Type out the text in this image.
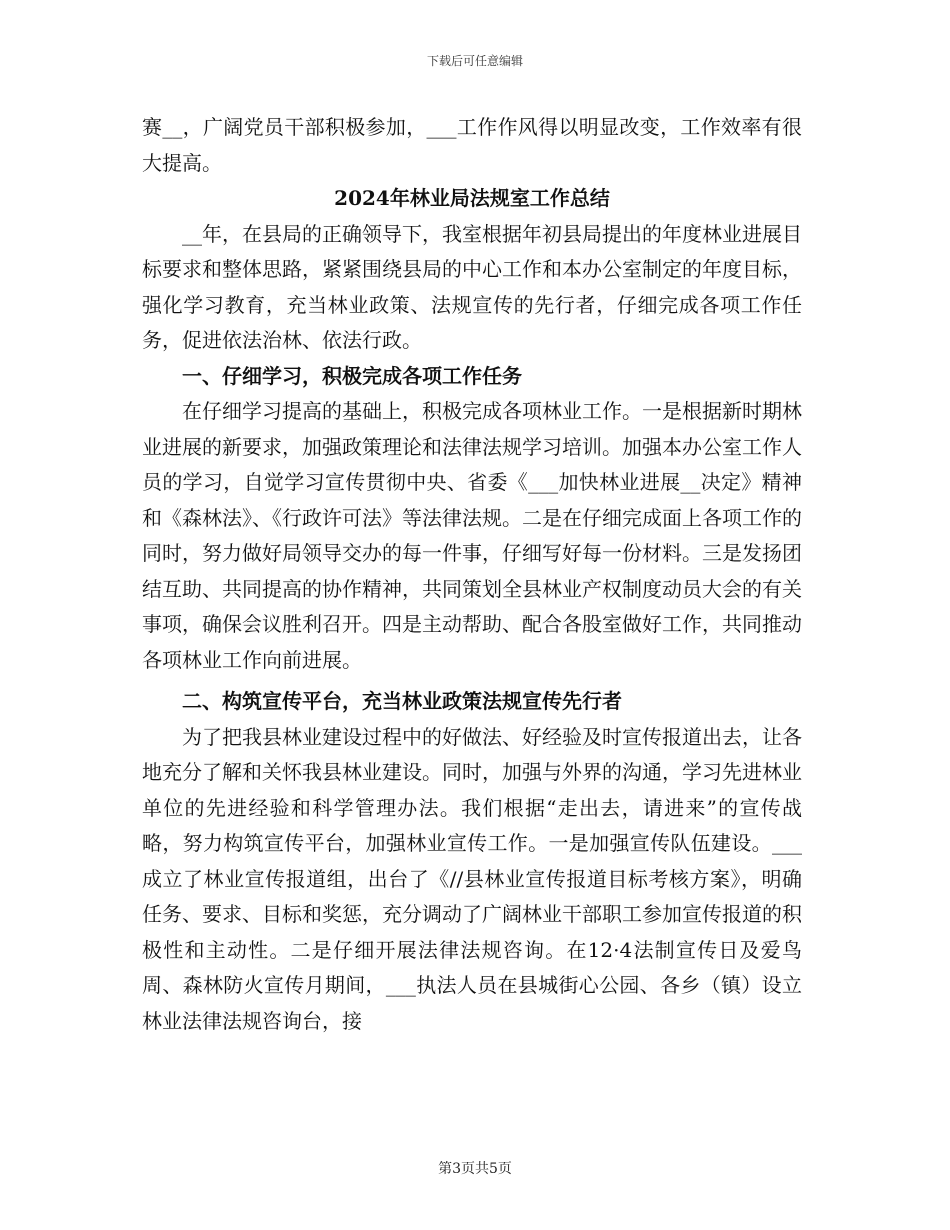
下载后可任意编辑

赛__，广阔党员干部积极参加，___工作作风得以明显改变，工作效率有很大提高。

2024年林业局法规室工作总结

__年，在县局的正确领导下，我室根据年初县局提出的年度林业进展目标要求和整体思路，紧紧围绕县局的中心工作和本办公室制定的年度目标，强化学习教育，充当林业政策、法规宣传的先行者，仔细完成各项工作任务，促进依法治林、依法行政。

一、仔细学习，积极完成各项工作任务

在仔细学习提高的基础上，积极完成各项林业工作。一是根据新时期林业进展的新要求，加强政策理论和法律法规学习培训。加强本办公室工作人员的学习，自觉学习宣传贯彻中央、省委《___加快林业进展__决定》精神和《森林法》、《行政许可法》等法律法规。二是在仔细完成面上各项工作的同时，努力做好局领导交办的每一件事，仔细写好每一份材料。三是发扬团结互助、共同提高的协作精神，共同策划全县林业产权制度动员大会的有关事项，确保会议胜利召开。四是主动帮助、配合各股室做好工作，共同推动各项林业工作向前进展。

二、构筑宣传平台，充当林业政策法规宣传先行者

为了把我县林业建设过程中的好做法、好经验及时宣传报道出去，让各地充分了解和关怀我县林业建设。同时，加强与外界的沟通，学习先进林业单位的先进经验和科学管理办法。我们根据“走出去，请进来”的宣传战略，努力构筑宣传平台，加强林业宣传工作。一是加强宣传队伍建设。___成立了林业宣传报道组，出台了《//县林业宣传报道目标考核方案》，明确任务、要求、目标和奖惩，充分调动了广阔林业干部职工参加宣传报道的积极性和主动性。二是仔细开展法律法规咨询。在12·4法制宣传日及爱鸟周、森林防火宣传月期间，___执法人员在县城街心公园、各乡（镇）设立林业法律法规咨询台，接

第3页共5页
